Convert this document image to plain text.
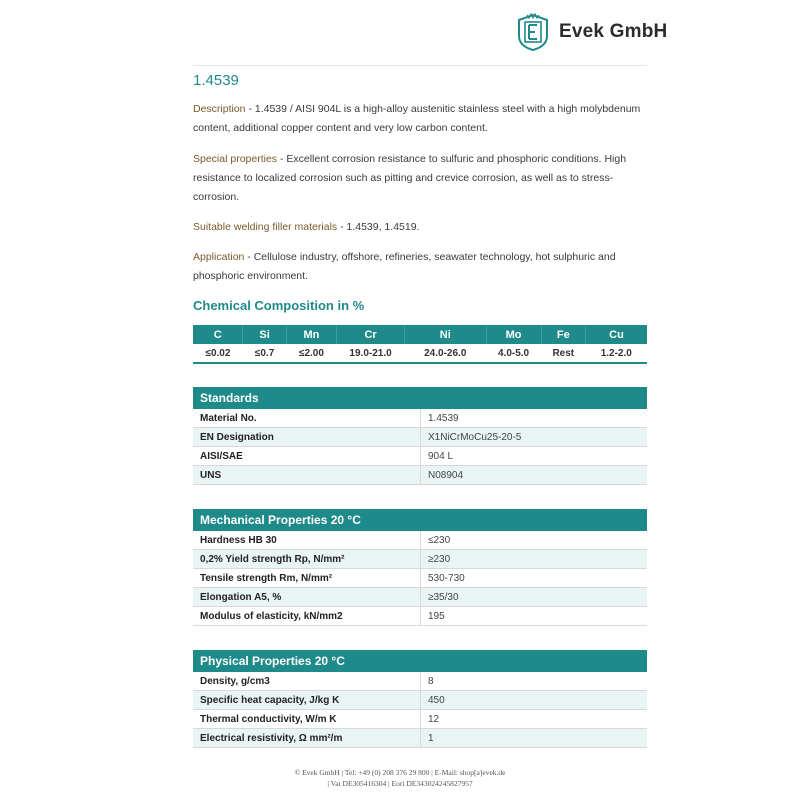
Evek GmbH
1.4539
Description - 1.4539 / AISI 904L is a high-alloy austenitic stainless steel with a high molybdenum content, additional copper content and very low carbon content.
Special properties - Excellent corrosion resistance to sulfuric and phosphoric conditions. High resistance to localized corrosion such as pitting and crevice corrosion, as well as to stress-corrosion.
Suitable welding filler materials - 1.4539, 1.4519.
Application - Cellulose industry, offshore, refineries, seawater technology, hot sulphuric and phosphoric environment.
Chemical Composition in %
C	Si	Mn	Cr	Ni	Mo	Fe	Cu
≤0.02	≤0.7	≤2.00	19.0-21.0	24.0-26.0	4.0-5.0	Rest	1.2-2.0
Standards	
Material No.	1.4539
EN Designation	X1NiCrMoCu25-20-5
AISI/SAE	904 L
UNS	N08904
Mechanical Properties 20 °C	
Hardness HB 30	≤230
0,2% Yield strength Rp, N/mm²	≥230
Tensile strength Rm, N/mm²	530-730
Elongation A5, %	≥35/30
Modulus of elasticity, kN/mm2	195
Physical Properties 20 °C	
Density, g/cm3	8
Specific heat capacity, J/kg K	450
Thermal conductivity, W/m K	12
Electrical resistivity, Ω mm²/m	1
© Evek GmbH | Tel: +49 (0) 208 376 29 800 | E-Mail: shop[a]evek.de
| Vat DE305416304 | Eori DE343024245827957
